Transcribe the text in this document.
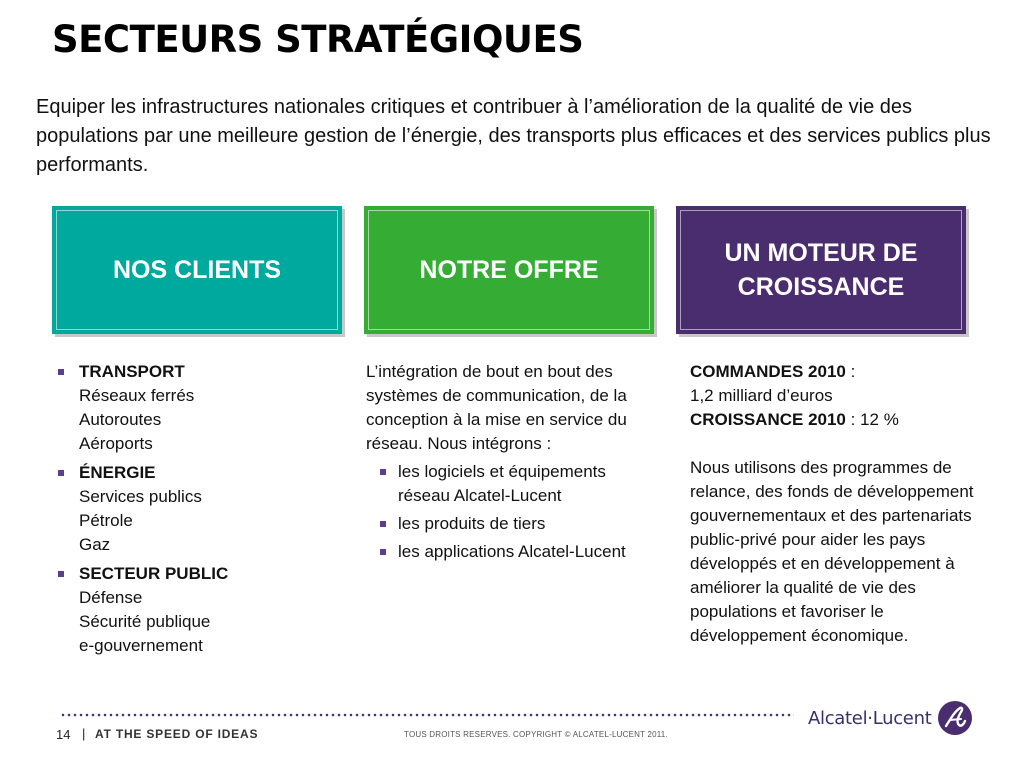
SECTEURS STRATÉGIQUES
Equiper les infrastructures nationales critiques et contribuer à l’amélioration de la qualité de vie des populations par une meilleure gestion de l’énergie, des transports plus efficaces et des services publics plus performants.
NOS CLIENTS	NOTRE OFFRE
UN MOTEUR DE
CROISSANCE
TRANSPORT
Réseaux ferrés
Autoroutes
Aéroports
ÉNERGIE
Services publics
Pétrole
Gaz
SECTEUR PUBLIC
Défense
Sécurité publique
e-gouvernement
L’intégration de bout en bout des systèmes de communication, de la conception à la mise en service du réseau. Nous intégrons :
les logiciels et équipements réseau Alcatel-Lucent
les produits de tiers
les applications Alcatel-Lucent
COMMANDES 2010 :
1,2 milliard d’euros
CROISSANCE 2010 : 12 %
Nous utilisons des programmes de relance, des fonds de développement gouvernementaux et des partenariats public-privé pour aider les pays développés et en développement à améliorer la qualité de vie des populations et favoriser le développement économique.
Alcatel·Lucent
14 | AT THE SPEED OF IDEAS	TOUS DROITS RESERVES. COPYRIGHT © ALCATEL-LUCENT 2011.
